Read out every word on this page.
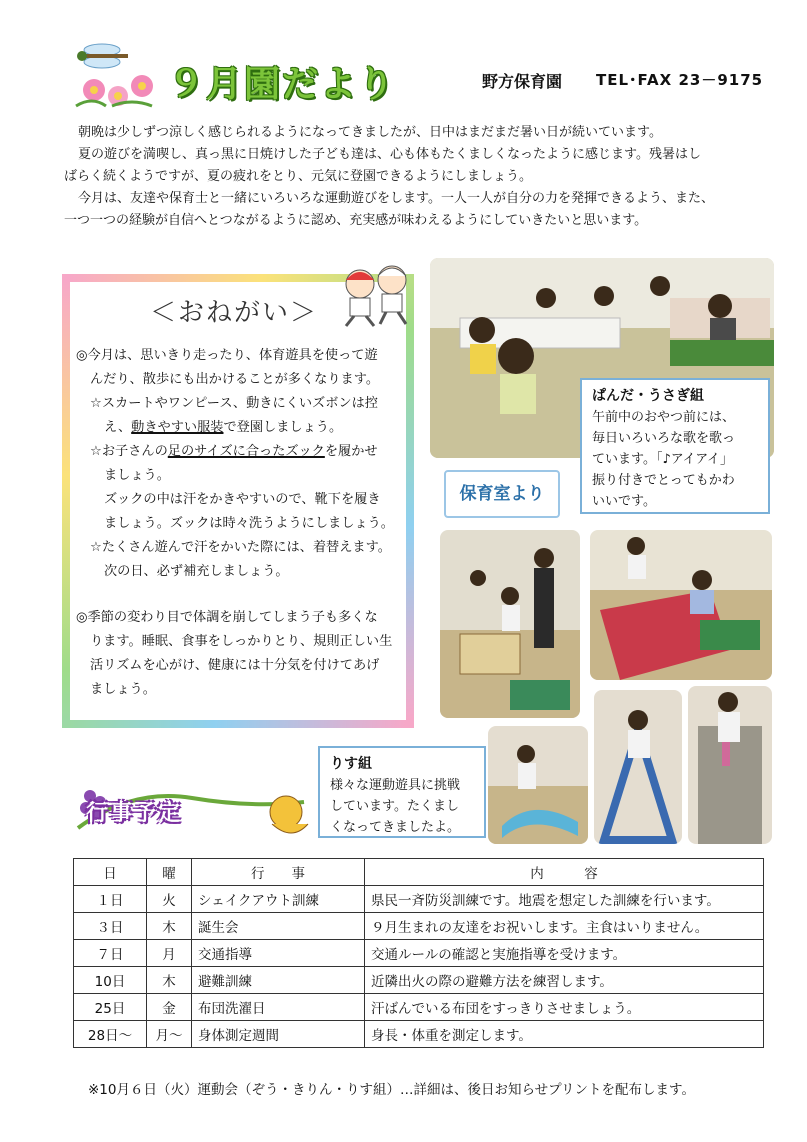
９月園だより	野方保育園 TEL･FAX 23－9175
朝晩は少しずつ涼しく感じられるようになってきましたが、日中はまだまだ暑い日が続いています。
夏の遊びを満喫し、真っ黒に日焼けした子ども達は、心も体もたくましくなったように感じます。残暑はし
ばらく続くようですが、夏の疲れをとり、元気に登園できるようにしましょう。
今月は、友達や保育士と一緒にいろいろな運動遊びをします。一人一人が自分の力を発揮できるよう、また、
一つ一つの経験が自信へとつながるように認め、充実感が味わえるようにしていきたいと思います。
＜おねがい＞
◎今月は、思いきり走ったり、体育遊具を使って遊
んだり、散歩にも出かけることが多くなります。
☆スカートやワンピース、動きにくいズボンは控
え、動きやすい服装で登園しましょう。
☆お子さんの足のサイズに合ったズックを履かせ
ましょう。
ズックの中は汗をかきやすいので、靴下を履き
ましょう。ズックは時々洗うようにしましょう。
☆たくさん遊んで汗をかいた際には、着替えます。
次の日、必ず補充しましょう。
◎季節の変わり目で体調を崩してしまう子も多くな
ります。睡眠、食事をしっかりとり、規則正しい生
活リズムを心がけ、健康には十分気を付けてあげ
ましょう。
ぱんだ・うさぎ組
午前中のおやつ前には、
毎日いろいろな歌を歌っ
ています。「♪アイアイ」
振り付きでとってもかわ
いいです。
保育室より
りす組
様々な運動遊具に挑戦
しています。たくまし
くなってきましたよ。
行事予定
日	曜	行　　事	内　　　容
１日	火	シェイクアウト訓練	県民一斉防災訓練です。地震を想定した訓練を行います。
３日	木	誕生会	９月生まれの友達をお祝いします。主食はいりません。
７日	月	交通指導	交通ルールの確認と実施指導を受けます。
10日	木	避難訓練	近隣出火の際の避難方法を練習します。
25日	金	布団洗濯日	汗ばんでいる布団をすっきりさせましょう。
28日～	月～	身体測定週間	身長・体重を測定します。
※10月６日（火）運動会（ぞう・きりん・りす組）…詳細は、後日お知らせプリントを配布します。
